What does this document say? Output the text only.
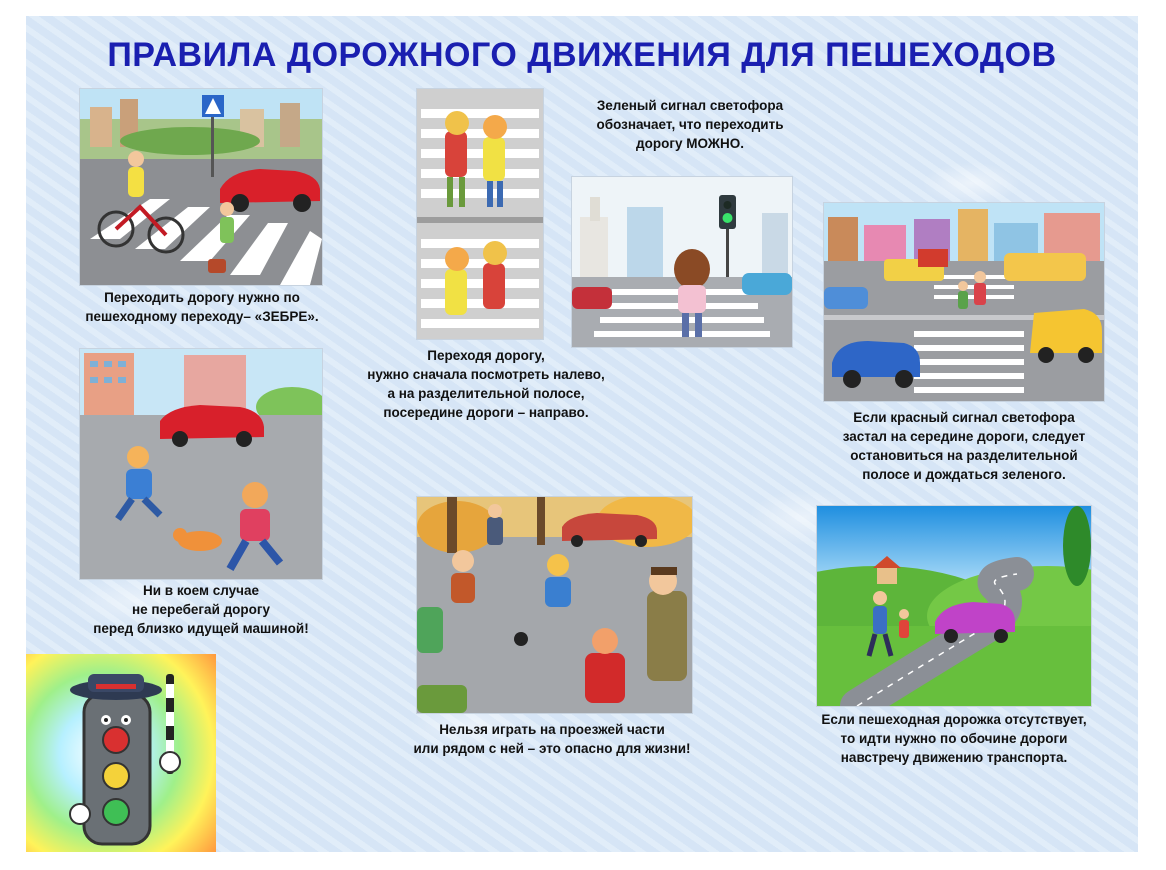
ПРАВИЛА ДОРОЖНОГО ДВИЖЕНИЯ ДЛЯ ПЕШЕХОДОВ
Переходить дорогу нужно по
пешеходному переходу– «ЗЕБРЕ».
Зеленый сигнал светофора
обозначает, что переходить
дорогу МОЖНО.
Переходя дорогу,
нужно сначала посмотреть налево,
а на разделительной полосе,
посередине дороги – направо.	Если красный сигнал светофора
застал на середине дороги, следует
остановиться на разделительной
полосе и дождаться зеленого.
Ни в коем случае
не перебегай дорогу
перед близко идущей машиной!
Нельзя играть на проезжей части
или рядом с ней – это опасно для жизни!
Если пешеходная дорожка отсутствует,
то идти нужно по обочине дороги
навстречу движению транспорта.
